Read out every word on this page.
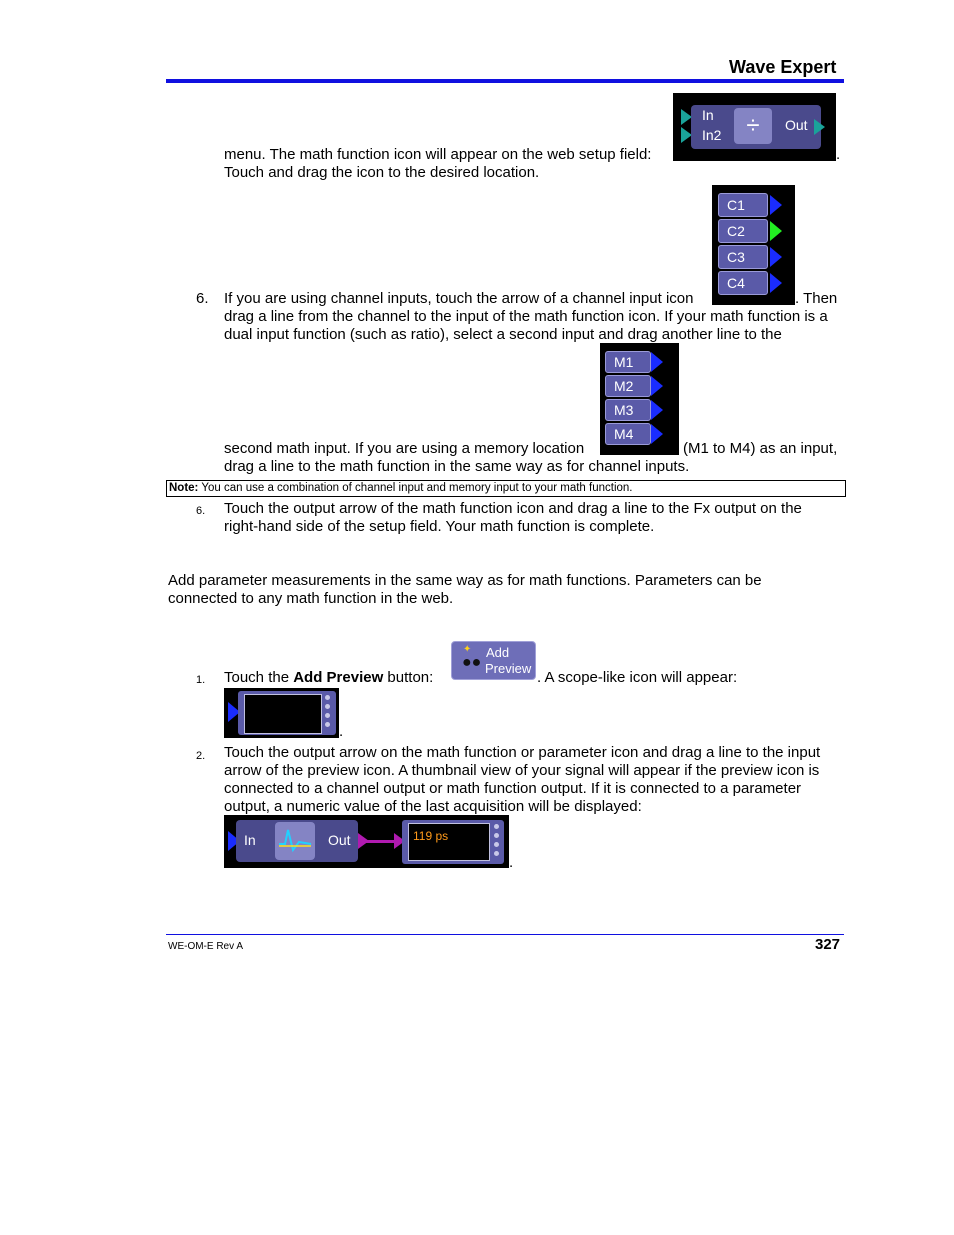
Wave Expert
In
In2	÷	Out
menu. The math function icon will appear on the web setup field:	.
Touch and drag the icon to the desired location.
C1
C2
C3
C4
6. If you are using channel inputs, touch the arrow of a channel input icon	. Then
drag a line from the channel to the input of the math function icon. If your math function is a
dual input function (such as ratio), select a second input and drag another line to the
M1
M2
M3
M4
second math input. If you are using a memory location	(M1 to M4) as an input,
drag a line to the math function in the same way as for channel inputs.
Note: You can use a combination of channel input and memory input to your math function.
6. Touch the output arrow of the math function icon and drag a line to the Fx output on the
right-hand side of the setup field. Your math function is complete.
Add parameter measurements in the same way as for math functions. Parameters can be
connected to any math function in the web.
●●
✦ Add
Preview
1. Touch the Add Preview button:	. A scope-like icon will appear:
.
2. Touch the output arrow on the math function or parameter icon and drag a line to the input
arrow of the preview icon. A thumbnail view of your signal will appear if the preview icon is
connected to a channel output or math function output. If it is connected to a parameter
output, a numeric value of the last acquisition will be displayed:
In	Out	119 ps
.
WE-OM-E Rev A	327
